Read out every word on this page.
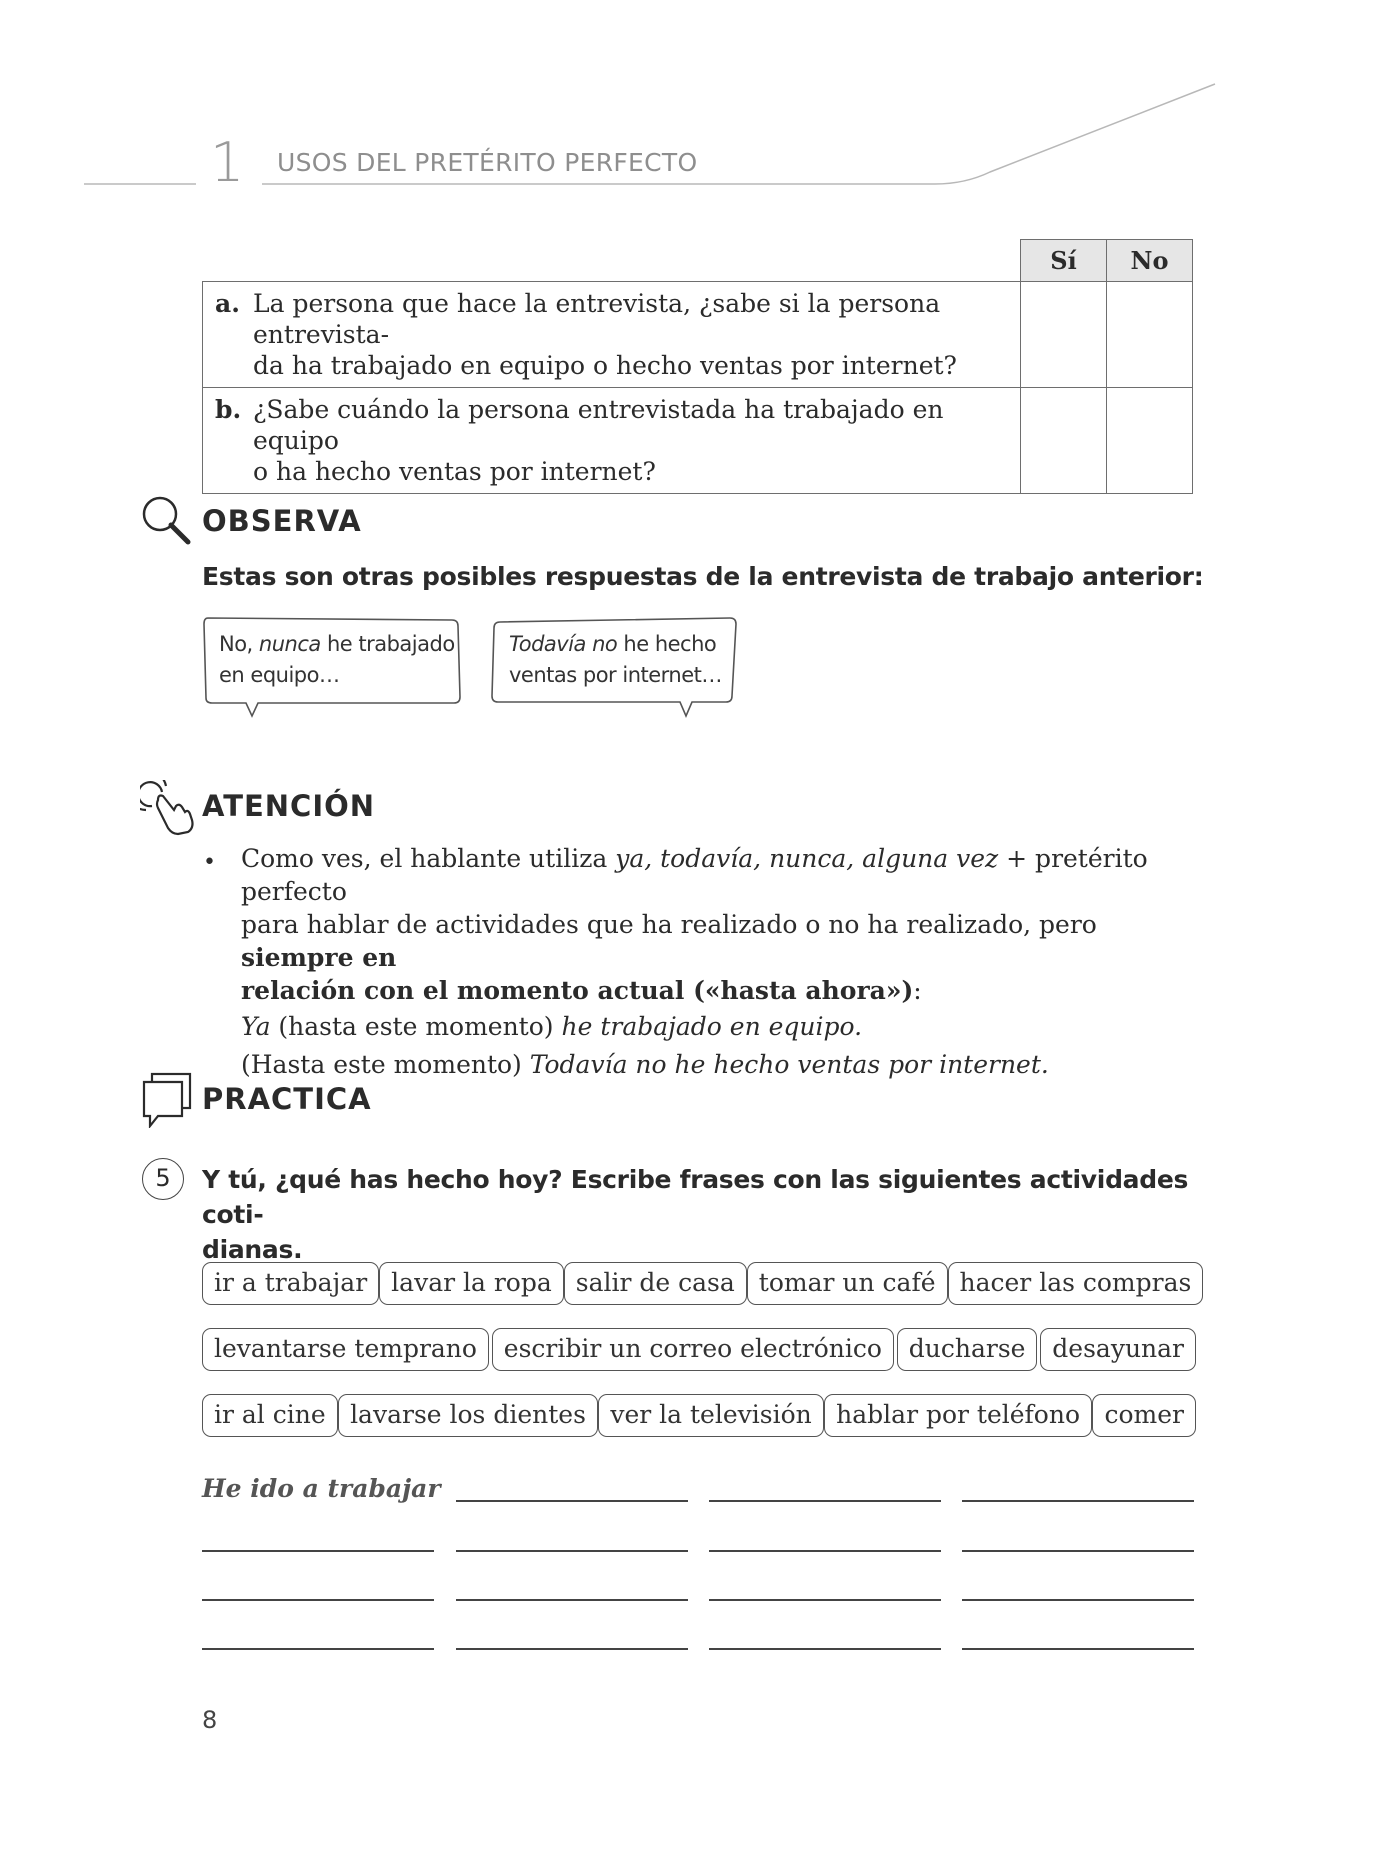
1 USOS DEL PRETÉRITO PERFECTO
	Sí	No

a. La persona que hace la entrevista, ¿sabe si la persona entrevista-
da ha trabajado en equipo o hecho ventas por internet?		

b. ¿Sabe cuándo la persona entrevistada ha trabajado en equipo
o ha hecho ventas por internet?		

OBSERVA
Estas son otras posibles respuestas de la entrevista de trabajo anterior:
No, nunca he trabajado
en equipo…
Todavía no he hecho
ventas por internet…
ATENCIÓN
• Como ves, el hablante utiliza ya, todavía, nunca, alguna vez + pretérito perfecto

para hablar de actividades que ha realizado o no ha realizado, pero siempre en

relación con el momento actual («hasta ahora»):

Ya (hasta este momento) he trabajado en equipo.

(Hasta este momento) Todavía no he hecho ventas por internet.

PRACTICA
5	Y tú, ¿qué has hecho hoy? Escribe frases con las siguientes actividades coti-
dianas.
ir a trabajar lavar la ropa salir de casa tomar un café hacer las compras
levantarse temprano	escribir un correo electrónico	ducharse	desayunar
ir al cine lavarse los dientes ver la televisión hablar por teléfono comer
He ido a trabajar
8
